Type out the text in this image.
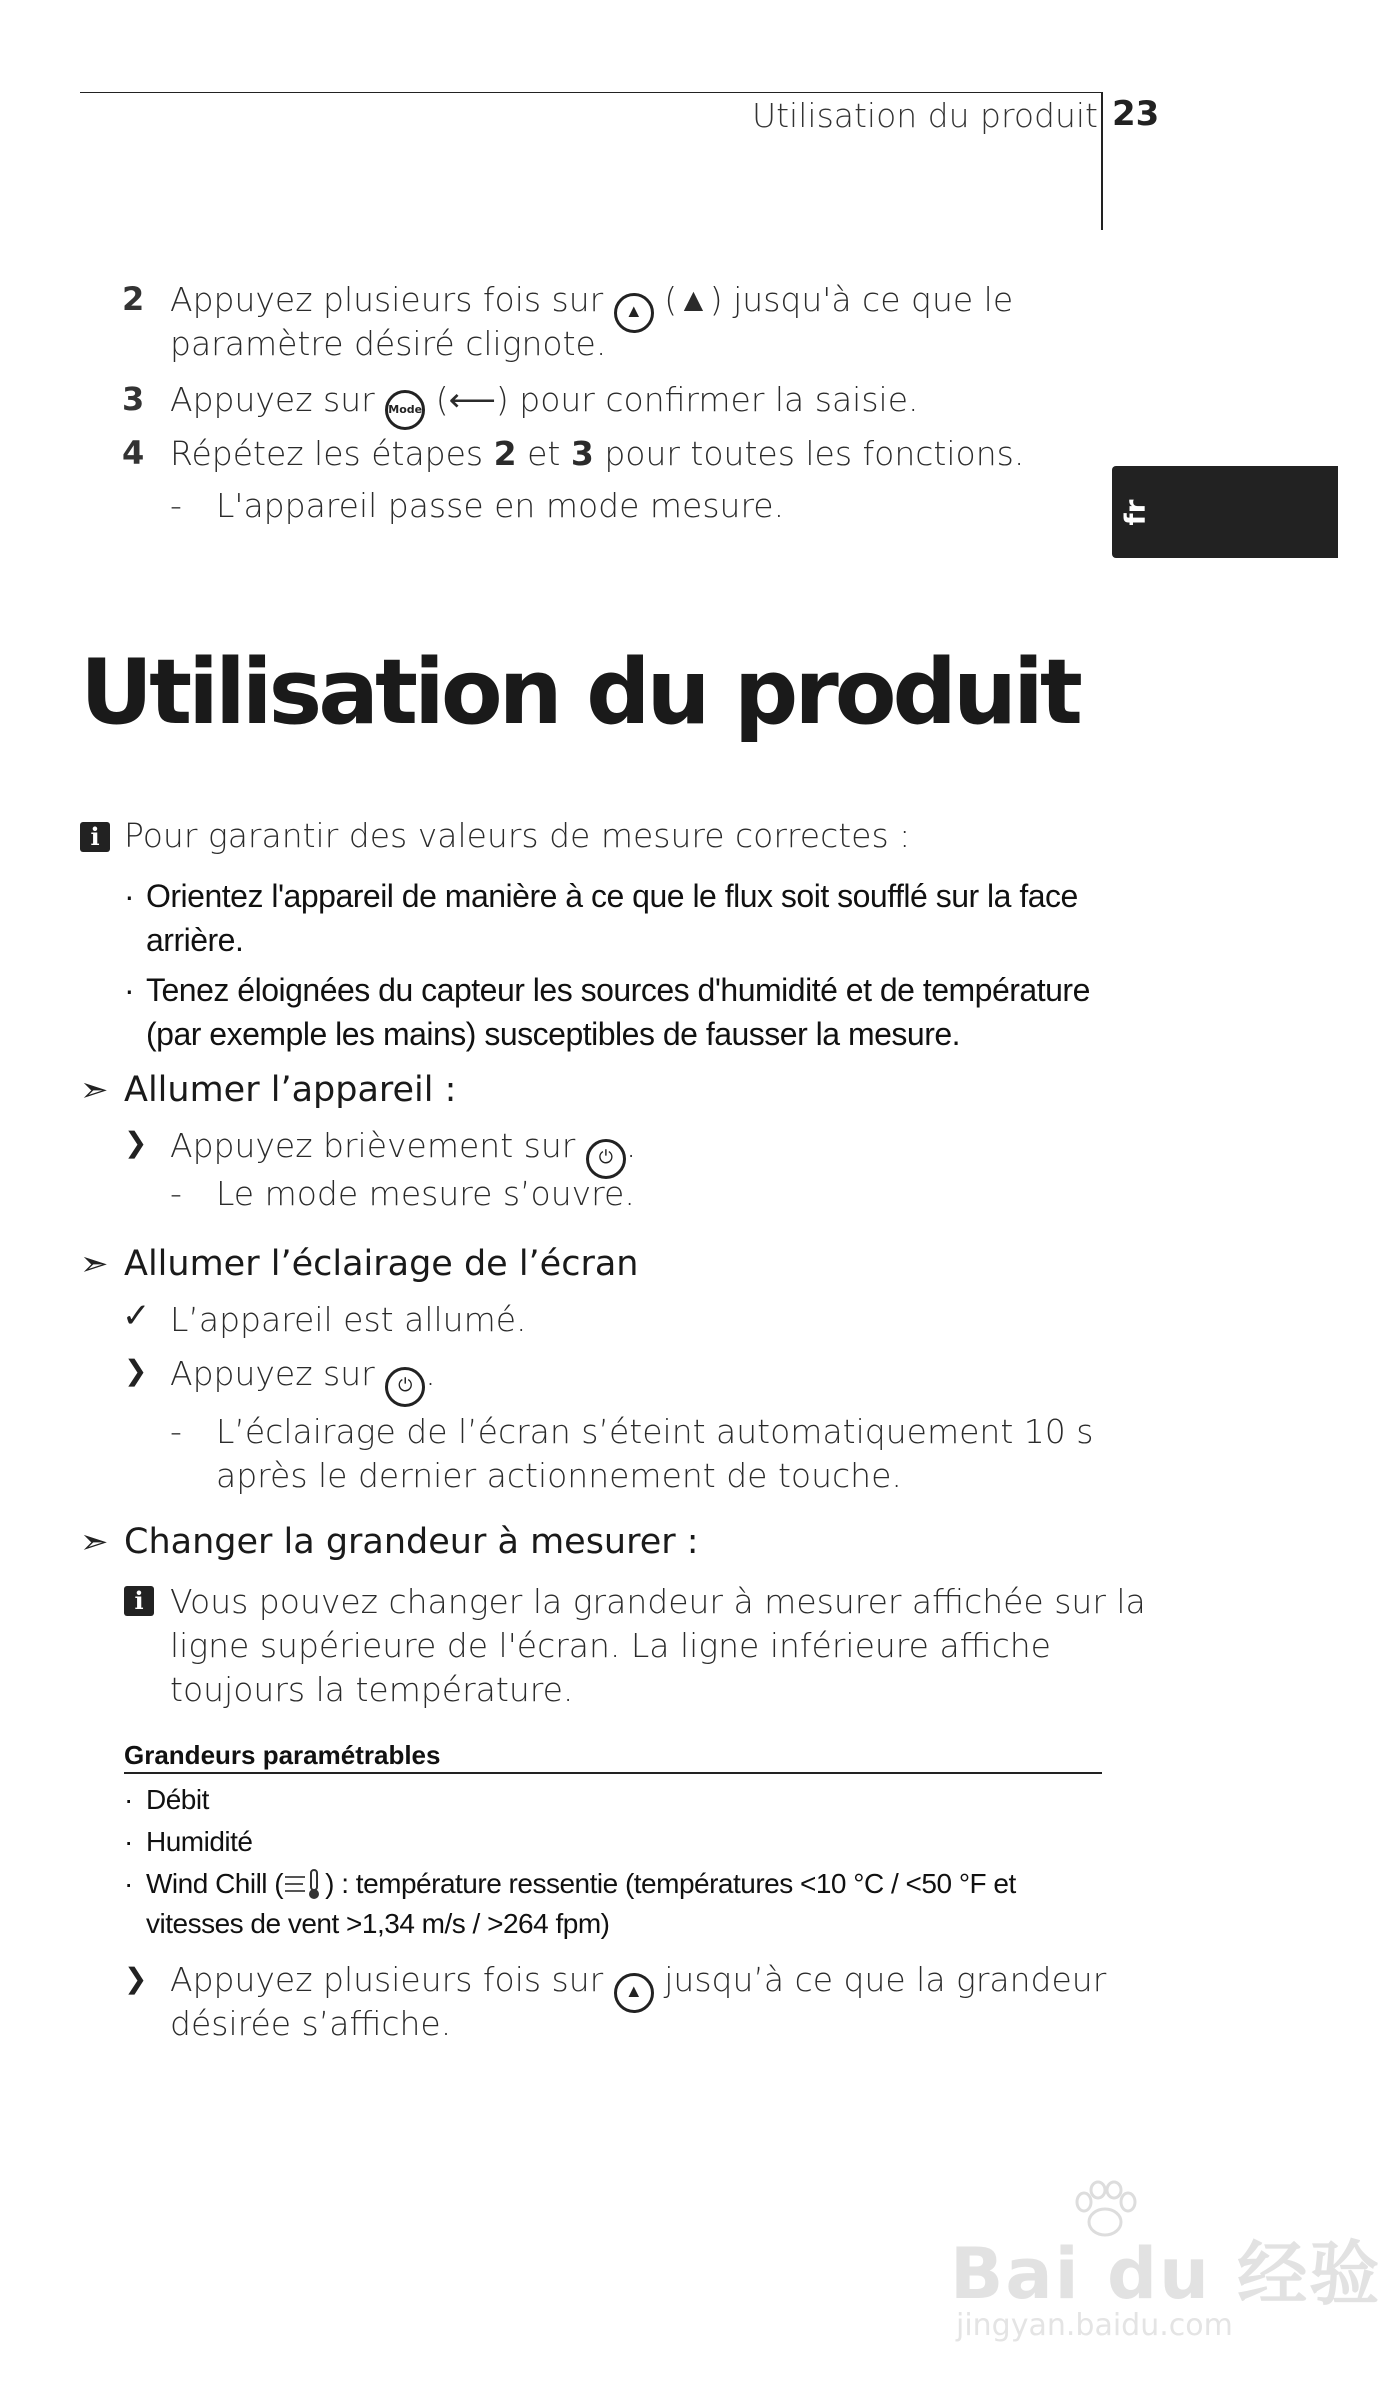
Utilisation du produit 23
fr
2 Appuyez plusieurs fois sur ▲ (▲) jusqu'à ce que le
paramètre désiré clignote.
3 Appuyez sur Mode (⟵) pour confirmer la saisie.
4 Répétez les étapes 2 et 3 pour toutes les fonctions.
- L'appareil passe en mode mesure.
Utilisation du produit
i Pour garantir des valeurs de mesure correctes :
· Orientez l'appareil de manière à ce que le flux soit soufflé sur la face
arrière.
· Tenez éloignées du capteur les sources d'humidité et de température
(par exemple les mains) susceptibles de fausser la mesure.
➣ Allumer l’appareil :
❯ Appuyez brièvement sur ⏻ .
- Le mode mesure s’ouvre.
➣ Allumer l’éclairage de l’écran
✓ L’appareil est allumé.
❯ Appuyez sur ⏻ .
- L’éclairage de l’écran s’éteint automatiquement 10 s
après le dernier actionnement de touche.
➣ Changer la grandeur à mesurer :
i Vous pouvez changer la grandeur à mesurer affichée sur la
ligne supérieure de l'écran. La ligne inférieure affiche
toujours la température.
Grandeurs paramétrables
· Débit
· Humidité
· Wind Chill ( ) : température ressentie (températures <10 °C / <50 °F et
vitesses de vent >1,34 m/s / >264 fpm)
❯ Appuyez plusieurs fois sur ▲ jusqu’à ce que la grandeur
désirée s’affiche.
Bai du 经验
jingyan.baidu.com
